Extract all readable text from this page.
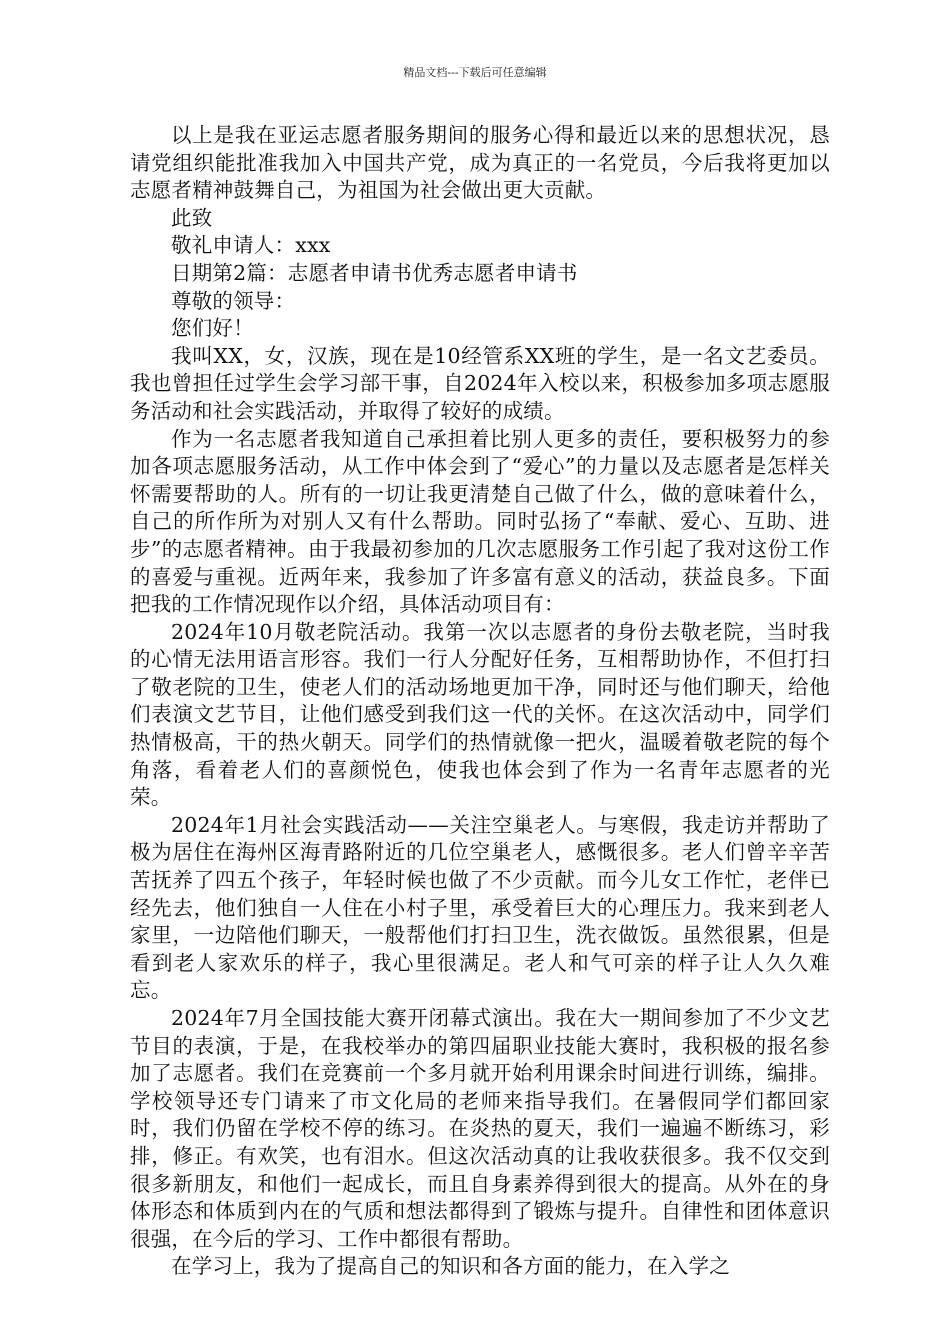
精品文档---下载后可任意编辑

以上是我在亚运志愿者服务期间的服务心得和最近以来的思想状况，恳请党组织能批准我加入中国共产党，成为真正的一名党员，今后我将更加以志愿者精神鼓舞自己，为祖国为社会做出更大贡献。

此致

敬礼申请人：xxx

日期第2篇：志愿者申请书优秀志愿者申请书

尊敬的领导：

您们好！

我叫XX，女，汉族，现在是10经管系XX班的学生，是一名文艺委员。我也曾担任过学生会学习部干事，自2024年入校以来，积极参加多项志愿服务活动和社会实践活动，并取得了较好的成绩。

作为一名志愿者我知道自己承担着比别人更多的责任，要积极努力的参加各项志愿服务活动，从工作中体会到了“爱心”的力量以及志愿者是怎样关怀需要帮助的人。所有的一切让我更清楚自己做了什么，做的意味着什么，自己的所作所为对别人又有什么帮助。同时弘扬了“奉献、爱心、互助、进步”的志愿者精神。由于我最初参加的几次志愿服务工作引起了我对这份工作的喜爱与重视。近两年来，我参加了许多富有意义的活动，获益良多。下面把我的工作情况现作以介绍，具体活动项目有：

2024年10月敬老院活动。我第一次以志愿者的身份去敬老院，当时我的心情无法用语言形容。我们一行人分配好任务，互相帮助协作，不但打扫了敬老院的卫生，使老人们的活动场地更加干净，同时还与他们聊天，给他们表演文艺节目，让他们感受到我们这一代的关怀。在这次活动中，同学们热情极高，干的热火朝天。同学们的热情就像一把火，温暖着敬老院的每个角落，看着老人们的喜颜悦色，使我也体会到了作为一名青年志愿者的光荣。

2024年1月社会实践活动——关注空巢老人。与寒假，我走访并帮助了极为居住在海州区海青路附近的几位空巢老人，感慨很多。老人们曾辛辛苦苦抚养了四五个孩子，年轻时候也做了不少贡献。而今儿女工作忙，老伴已经先去，他们独自一人住在小村子里，承受着巨大的心理压力。我来到老人家里，一边陪他们聊天，一般帮他们打扫卫生，洗衣做饭。虽然很累，但是看到老人家欢乐的样子，我心里很满足。老人和气可亲的样子让人久久难忘。

2024年7月全国技能大赛开闭幕式演出。我在大一期间参加了不少文艺节目的表演，于是，在我校举办的第四届职业技能大赛时，我积极的报名参加了志愿者。我们在竞赛前一个多月就开始利用课余时间进行训练，编排。学校领导还专门请来了市文化局的老师来指导我们。在暑假同学们都回家时，我们仍留在学校不停的练习。在炎热的夏天，我们一遍遍不断练习，彩排，修正。有欢笑，也有泪水。但这次活动真的让我收获很多。我不仅交到很多新朋友，和他们一起成长，而且自身素养得到很大的提高。从外在的身体形态和体质到内在的气质和想法都得到了锻炼与提升。自律性和团体意识很强，在今后的学习、工作中都很有帮助。

在学习上，我为了提高自己的知识和各方面的能力，在入学之
